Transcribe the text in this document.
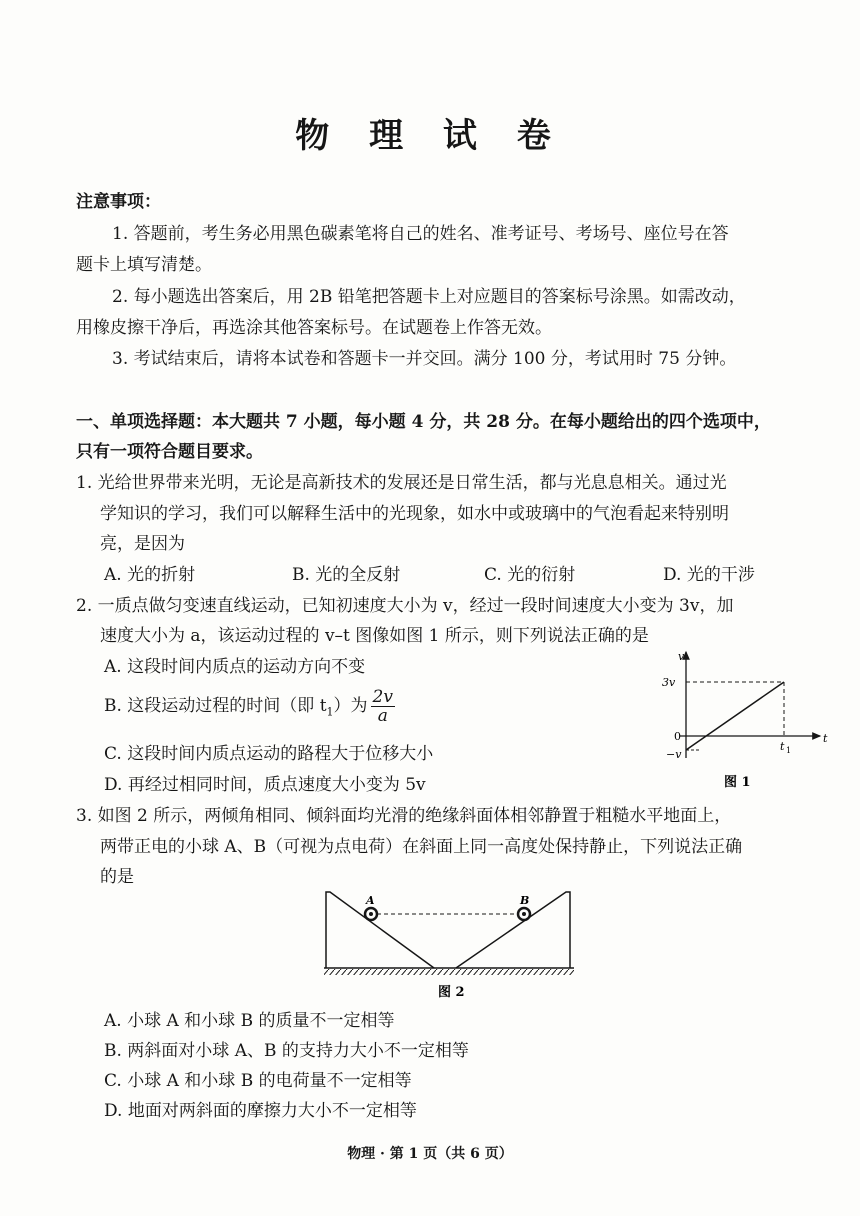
物 理 试 卷
注意事项：
1. 答题前，考生务必用黑色碳素笔将自己的姓名、准考证号、考场号、座位号在答
题卡上填写清楚。
2. 每小题选出答案后，用 2B 铅笔把答题卡上对应题目的答案标号涂黑。如需改动，
用橡皮擦干净后，再选涂其他答案标号。在试题卷上作答无效。
3. 考试结束后，请将本试卷和答题卡一并交回。满分 100 分，考试用时 75 分钟。
一、单项选择题：本大题共 7 小题，每小题 4 分，共 28 分。在每小题给出的四个选项中，
只有一项符合题目要求。
1. 光给世界带来光明，无论是高新技术的发展还是日常生活，都与光息息相关。通过光
学知识的学习，我们可以解释生活中的光现象，如水中或玻璃中的气泡看起来特别明
亮，是因为
A. 光的折射	B. 光的全反射	C. 光的衍射	D. 光的干涉
2. 一质点做匀变速直线运动，已知初速度大小为 v，经过一段时间速度大小变为 3v，加
速度大小为 a，该运动过程的 v–t 图像如图 1 所示，则下列说法正确的是
A. 这段时间内质点的运动方向不变
B. 这段运动过程的时间（即 $t_1$）为 $\frac{2v}{a}$
C. 这段时间内质点运动的路程大于位移大小
D. 再经过相同时间，质点速度大小变为 5v
v
t
3v
0
−v
t 1
图 1
3. 如图 2 所示，两倾角相同、倾斜面均光滑的绝缘斜面体相邻静置于粗糙水平地面上，
两带正电的小球 A、B（可视为点电荷）在斜面上同一高度处保持静止，下列说法正确
的是
A	B
图 2
A. 小球 A 和小球 B 的质量不一定相等
B. 两斜面对小球 A、B 的支持力大小不一定相等
C. 小球 A 和小球 B 的电荷量不一定相等
D. 地面对两斜面的摩擦力大小不一定相等
物理 · 第 1 页（共 6 页）
